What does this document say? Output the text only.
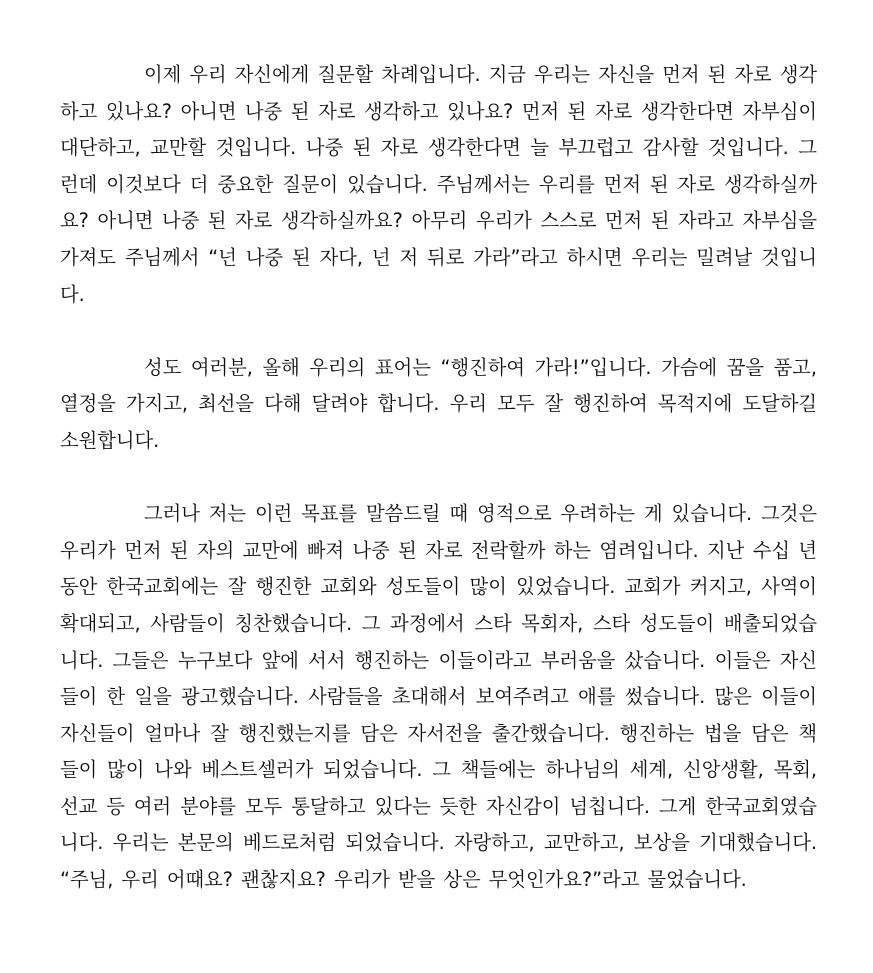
이제 우리 자신에게 질문할 차례입니다. 지금 우리는 자신을 먼저 된 자로 생각하고 있나요? 아니면 나중 된 자로 생각하고 있나요? 먼저 된 자로 생각한다면 자부심이 대단하고, 교만할 것입니다. 나중 된 자로 생각한다면 늘 부끄럽고 감사할 것입니다. 그런데 이것보다 더 중요한 질문이 있습니다. 주님께서는 우리를 먼저 된 자로 생각하실까요? 아니면 나중 된 자로 생각하실까요? 아무리 우리가 스스로 먼저 된 자라고 자부심을 가져도 주님께서 “넌 나중 된 자다, 넌 저 뒤로 가라”라고 하시면 우리는 밀려날 것입니다.

성도 여러분, 올해 우리의 표어는 “행진하여 가라!”입니다. 가슴에 꿈을 품고, 열정을 가지고, 최선을 다해 달려야 합니다. 우리 모두 잘 행진하여 목적지에 도달하길 소원합니다.

그러나 저는 이런 목표를 말씀드릴 때 영적으로 우려하는 게 있습니다. 그것은 우리가 먼저 된 자의 교만에 빠져 나중 된 자로 전락할까 하는 염려입니다. 지난 수십 년 동안 한국교회에는 잘 행진한 교회와 성도들이 많이 있었습니다. 교회가 커지고, 사역이 확대되고, 사람들이 칭찬했습니다. 그 과정에서 스타 목회자, 스타 성도들이 배출되었습니다. 그들은 누구보다 앞에 서서 행진하는 이들이라고 부러움을 샀습니다. 이들은 자신들이 한 일을 광고했습니다. 사람들을 초대해서 보여주려고 애를 썼습니다. 많은 이들이 자신들이 얼마나 잘 행진했는지를 담은 자서전을 출간했습니다. 행진하는 법을 담은 책들이 많이 나와 베스트셀러가 되었습니다. 그 책들에는 하나님의 세계, 신앙생활, 목회, 선교 등 여러 분야를 모두 통달하고 있다는 듯한 자신감이 넘칩니다. 그게 한국교회였습니다. 우리는 본문의 베드로처럼 되었습니다. 자랑하고, 교만하고, 보상을 기대했습니다. “주님, 우리 어때요? 괜찮지요? 우리가 받을 상은 무엇인가요?”라고 물었습니다.
